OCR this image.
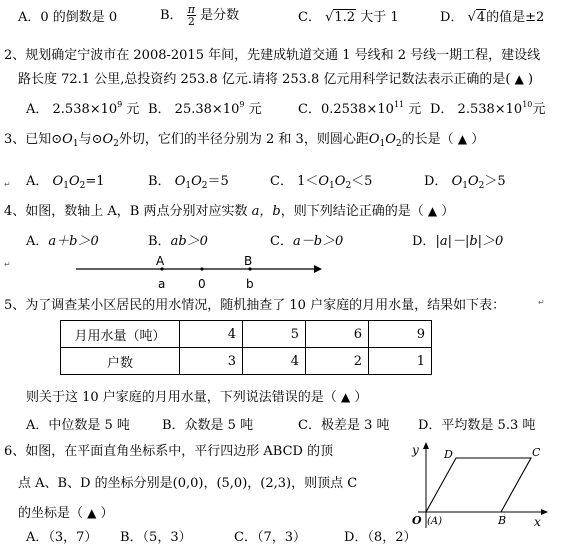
A．0 的倒数是 0	B． $\frac{\pi}{2}$ 是分数	C． √1.2 大于 1	D． √4的值是±2
2、规划确定宁波市在 2008-2015 年间，先建成轨道交通 1 号线和 2 号线一期工程，建设线
路长度 72.1 公里,总投资约 253.8 亿元.请将 253.8 亿元用科学记数法表示正确的是( ▲ )
A． $2.538\times 10^9$ 元 B． $25.38\times 10^9$ 元	C．$0.2538\times 10^{11}$ 元 D． $2.538\times 10^{10}$元
3、已知$⊙O_1$与$⊙O_2$外切，它们的半径分别为 2 和 3，则圆心距$O_1O_2$的长是（ ▲ ）
A． $O_1O_2=1$	B． $O_1O_2=5$	C． $1<O_1O_2<5$	D． $O_1O_2>5$
4、如图，数轴上 A，B 两点分别对应实数 a，b，则下列结论正确的是（ ▲ ）
A．a＋b＞0	B．ab＞0	C．a－b＞0	D．|a|－|b|＞0
A	B
a	0	b
5、为了调查某小区居民的用水情况，随机抽查了 10 户家庭的月用水量，结果如下表：
月用水量（吨）	4	5	6	9
户数	3	4	2	1
则关于这 10 户家庭的月用水量，下列说法错误的是（ ▲ ）
A．中位数是 5 吨 B．众数是 5 吨	C．极差是 3 吨 D．平均数是 5.3 吨
6、如图，在平面直角坐标系中，平行四边形 ABCD 的顶
点 A、B、D 的坐标分别是(0,0)，(5,0)，(2,3)，则顶点 C
的坐标是（ ▲ ）
A．（3，7） B．（5，3）	C．（7，3）	D．（8，2）
y
x
D	C
O (A)	B
↵
↵
↵
